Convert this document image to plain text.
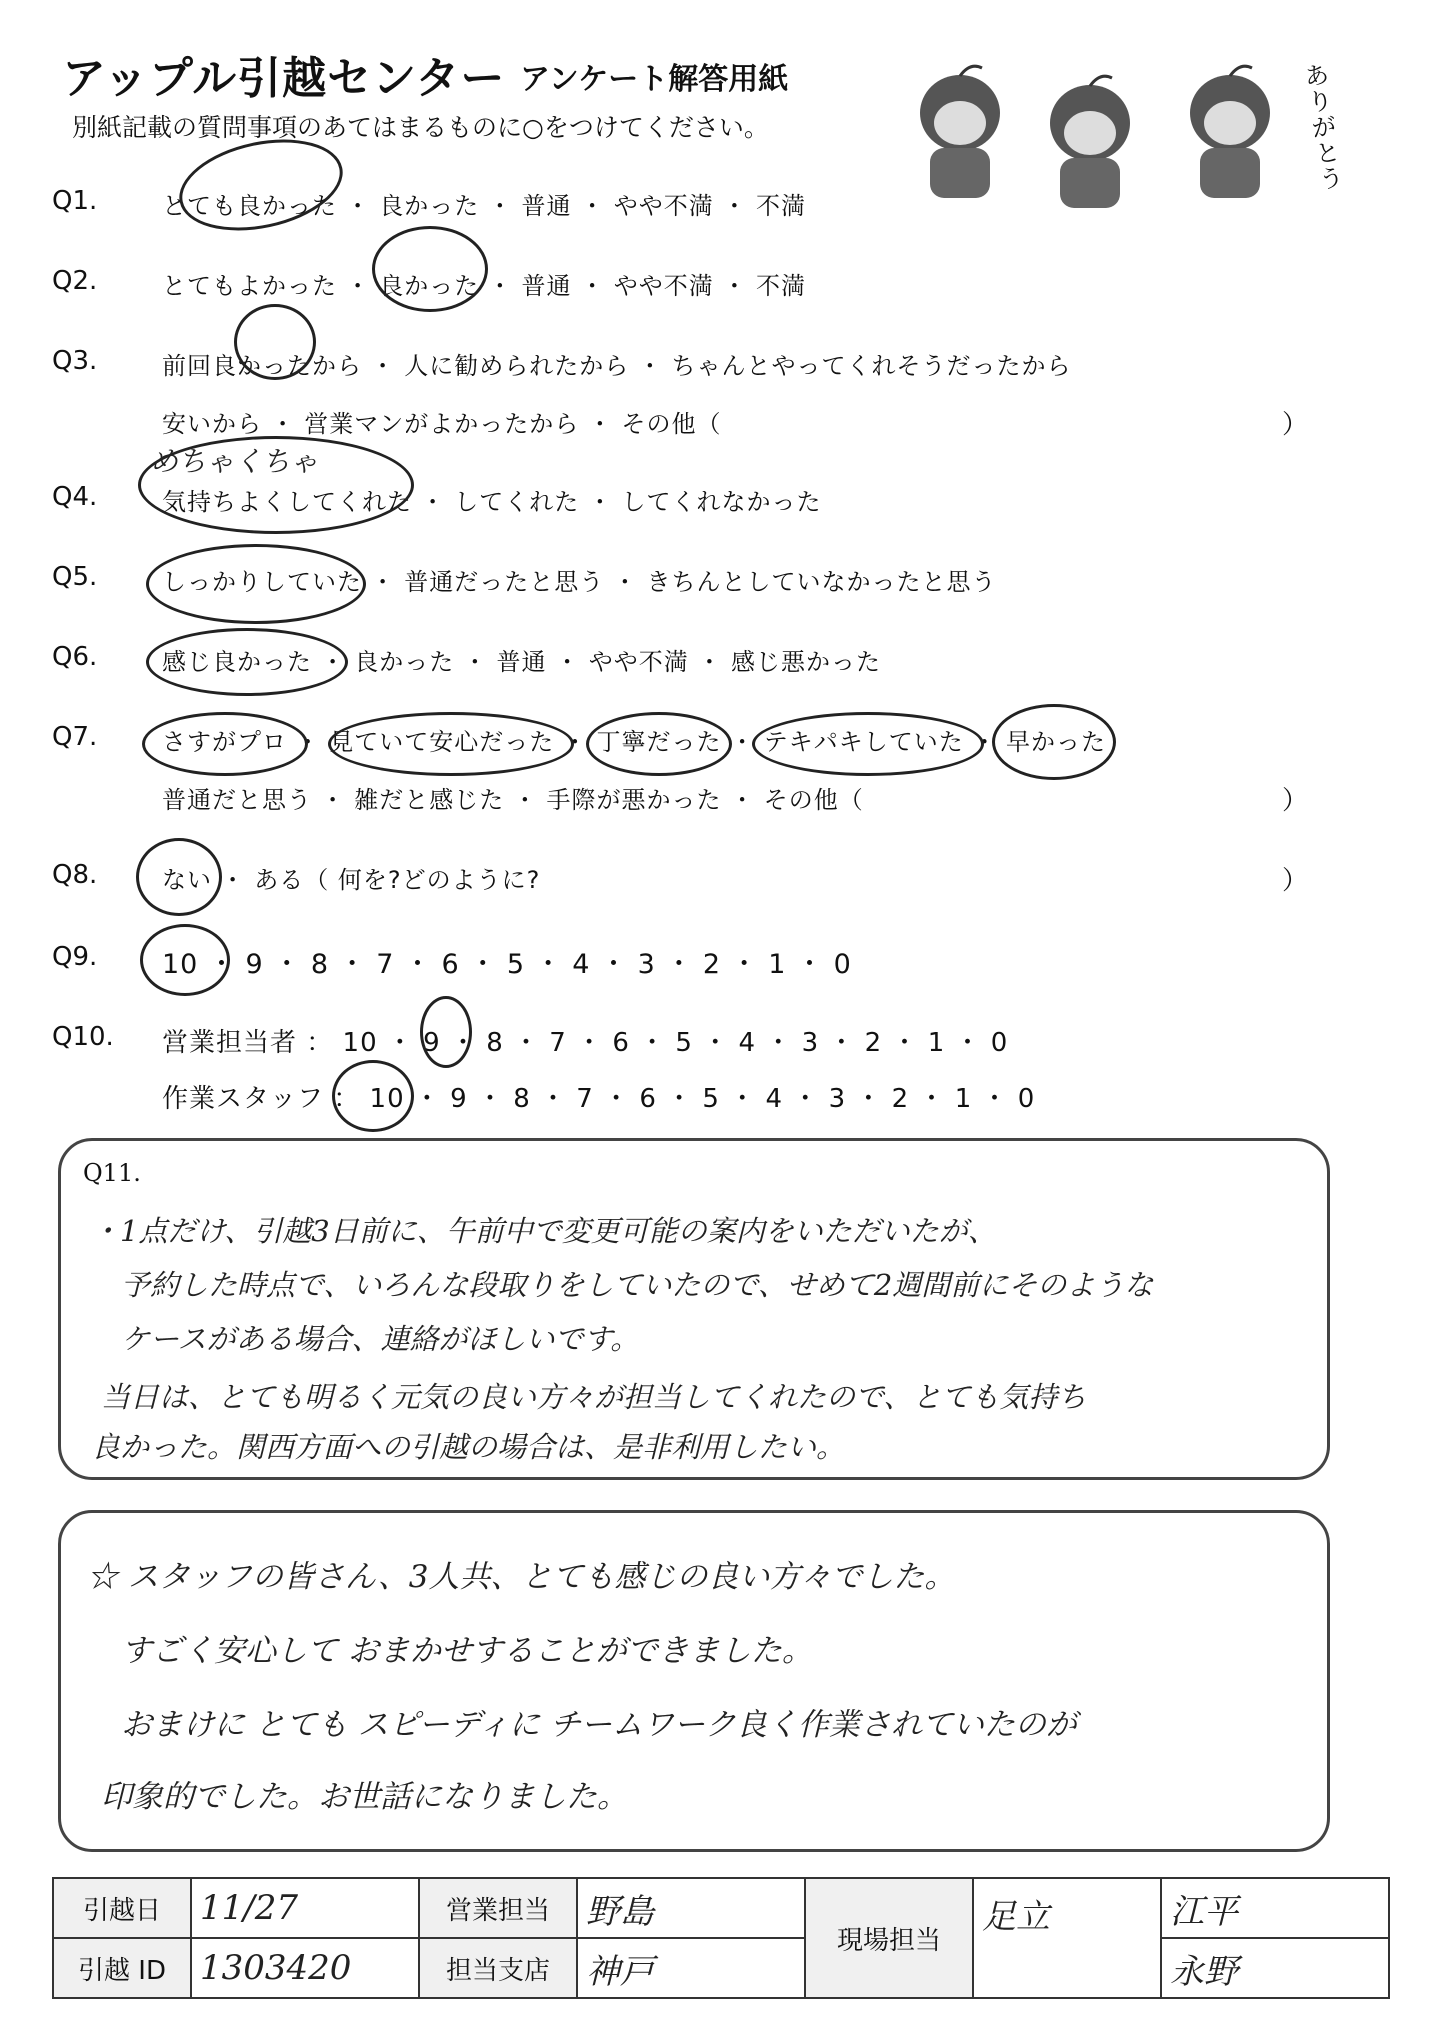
アップル引越センター アンケート解答用紙
別紙記載の質問事項のあてはまるものに○をつけてください。
ありがとう
Q1.	とても良かった ・ 良かった ・ 普通 ・ やや不満 ・ 不満
Q2.	とてもよかった ・ 良かった ・ 普通 ・ やや不満 ・ 不満
Q3.	前回良かったから ・ 人に勧められたから ・ ちゃんとやってくれそうだったから
安いから ・ 営業マンがよかったから ・ その他（	）
Q4.
めちゃくちゃ
気持ちよくしてくれた ・ してくれた ・ してくれなかった
Q5.	しっかりしていた ・ 普通だったと思う ・ きちんとしていなかったと思う
Q6.	感じ良かった ・ 良かった ・ 普通 ・ やや不満 ・ 感じ悪かった
Q7.	さすがプロ ・ 見ていて安心だった ・ 丁寧だった ・ テキパキしていた ・ 早かった
普通だと思う ・ 雑だと感じた ・ 手際が悪かった ・ その他（	）
Q8.	ない ・ ある（ 何を?どのように?	）
Q9. 10 ・ 9 ・ 8 ・ 7 ・ 6 ・ 5 ・ 4 ・ 3 ・ 2 ・ 1 ・ 0
Q10. 営業担当者 ： 10 ・ 9 ・ 8 ・ 7 ・ 6 ・ 5 ・ 4 ・ 3 ・ 2 ・ 1 ・ 0
作業スタッフ ： 10 ・ 9 ・ 8 ・ 7 ・ 6 ・ 5 ・ 4 ・ 3 ・ 2 ・ 1 ・ 0
Q11.
・1点だけ、引越3日前に、午前中で変更可能の案内をいただいたが、
予約した時点で、いろんな段取りをしていたので、せめて2週間前にそのような
ケースがある場合、連絡がほしいです。
当日は、とても明るく元気の良い方々が担当してくれたので、とても気持ち
良かった。関西方面への引越の場合は、是非利用したい。
☆ スタッフの皆さん、3人共、とても感じの良い方々でした。
すごく安心して おまかせすることができました。
おまけに とても スピーディに チームワーク良く作業されていたのが
印象的でした。お世話になりました。
引越日	11/27	営業担当	野島	現場担当	足立	江平
引越 ID	1303420	担当支店	神戸			永野
